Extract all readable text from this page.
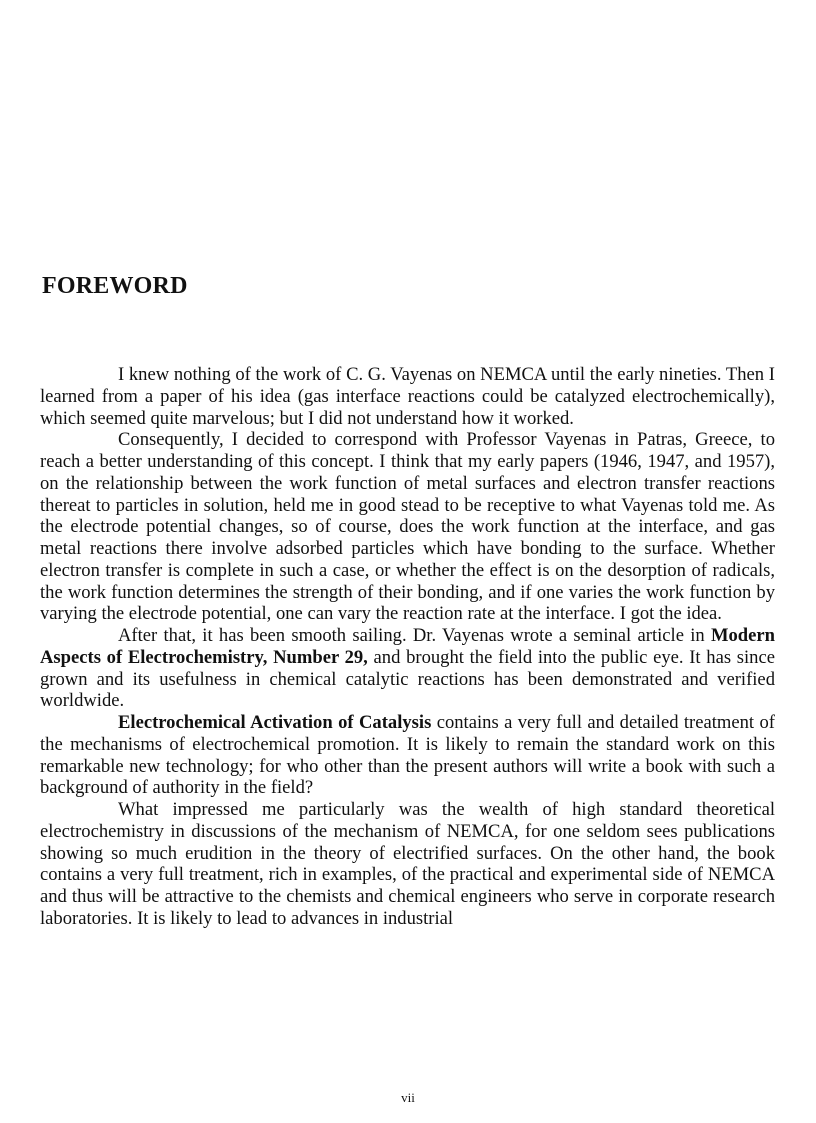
FOREWORD

I knew nothing of the work of C. G. Vayenas on NEMCA until the early nineties. Then I learned from a paper of his idea (gas interface reactions could be catalyzed electrochemically), which seemed quite marvelous; but I did not understand how it worked.

Consequently, I decided to correspond with Professor Vayenas in Patras, Greece, to reach a better understanding of this concept. I think that my early papers (1946, 1947, and 1957), on the relationship between the work function of metal surfaces and electron transfer reactions thereat to particles in solution, held me in good stead to be receptive to what Vayenas told me. As the electrode potential changes, so of course, does the work function at the interface, and gas metal reactions there involve adsorbed particles which have bonding to the surface. Whether electron transfer is complete in such a case, or whether the effect is on the desorption of radicals, the work function determines the strength of their bonding, and if one varies the work function by varying the electrode potential, one can vary the reaction rate at the interface. I got the idea.

After that, it has been smooth sailing. Dr. Vayenas wrote a seminal article in Modern Aspects of Electrochemistry, Number 29, and brought the field into the public eye. It has since grown and its usefulness in chemical catalytic reactions has been demonstrated and verified worldwide.

Electrochemical Activation of Catalysis contains a very full and detailed treatment of the mechanisms of electrochemical promotion. It is likely to remain the standard work on this remarkable new technology; for who other than the present authors will write a book with such a background of authority in the field?

What impressed me particularly was the wealth of high standard theoretical electrochemistry in discussions of the mechanism of NEMCA, for one seldom sees publications showing so much erudition in the theory of electrified surfaces. On the other hand, the book contains a very full treatment, rich in examples, of the practical and experimental side of NEMCA and thus will be attractive to the chemists and chemical engineers who serve in corporate research laboratories. It is likely to lead to advances in industrial

vii
